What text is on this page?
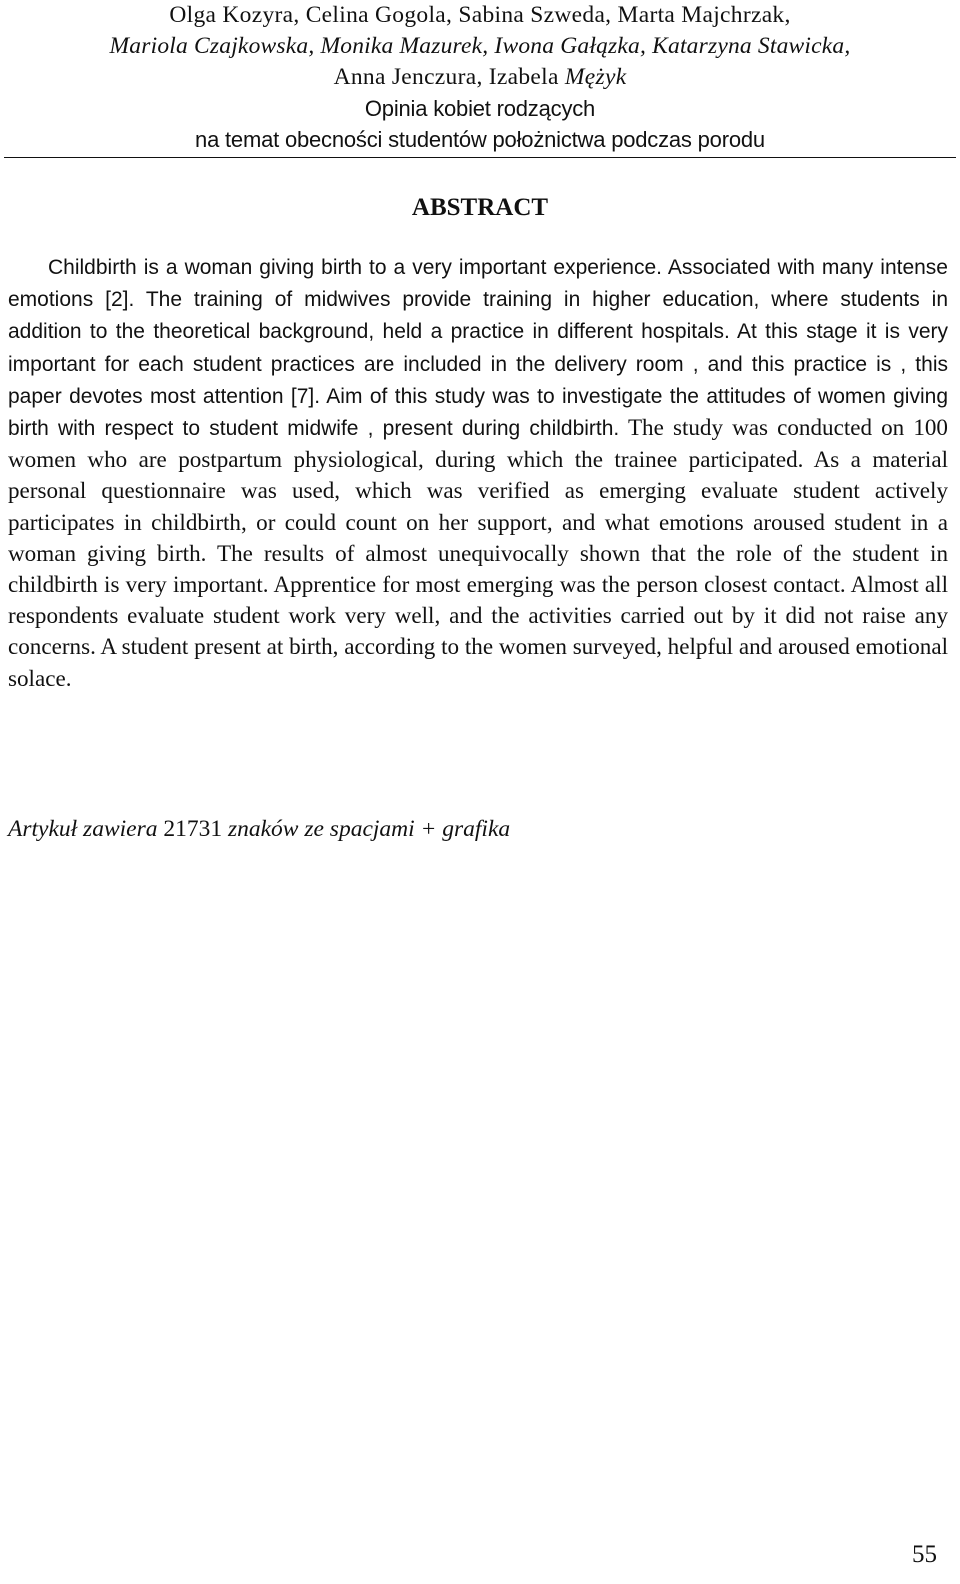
Olga Kozyra, Celina Gogola, Sabina Szweda, Marta Majchrzak,
Mariola Czajkowska, Monika Mazurek, Iwona Gałązka, Katarzyna Stawicka,
Anna Jenczura, Izabela Mężyk
Opinia kobiet rodzących
na temat obecności studentów położnictwa podczas porodu
ABSTRACT

Childbirth is a woman giving birth to a very important experience. Associated with many intense emotions [2]. The training of midwives provide training in higher education, where students in addition to the theoretical background, held a practice in different hospitals. At this stage it is very important for each student practices are included in the delivery room , and this practice is , this paper devotes most attention [7]. Aim of this study was to investigate the attitudes of women giving birth with respect to student midwife , present during childbirth. The study was conducted on 100 women who are postpartum physiological, during which the trainee participated. As a material personal questionnaire was used, which was verified as emerging evaluate student actively participates in childbirth, or could count on her support, and what emotions aroused student in a woman giving birth. The results of almost unequivocally shown that the role of the student in childbirth is very important. Apprentice for most emerging was the person closest contact. Almost all respondents evaluate student work very well, and the activities carried out by it did not raise any concerns. A student present at birth, according to the women surveyed, helpful and aroused emotional solace.

Artykuł zawiera 21731 znaków ze spacjami + grafika
55
